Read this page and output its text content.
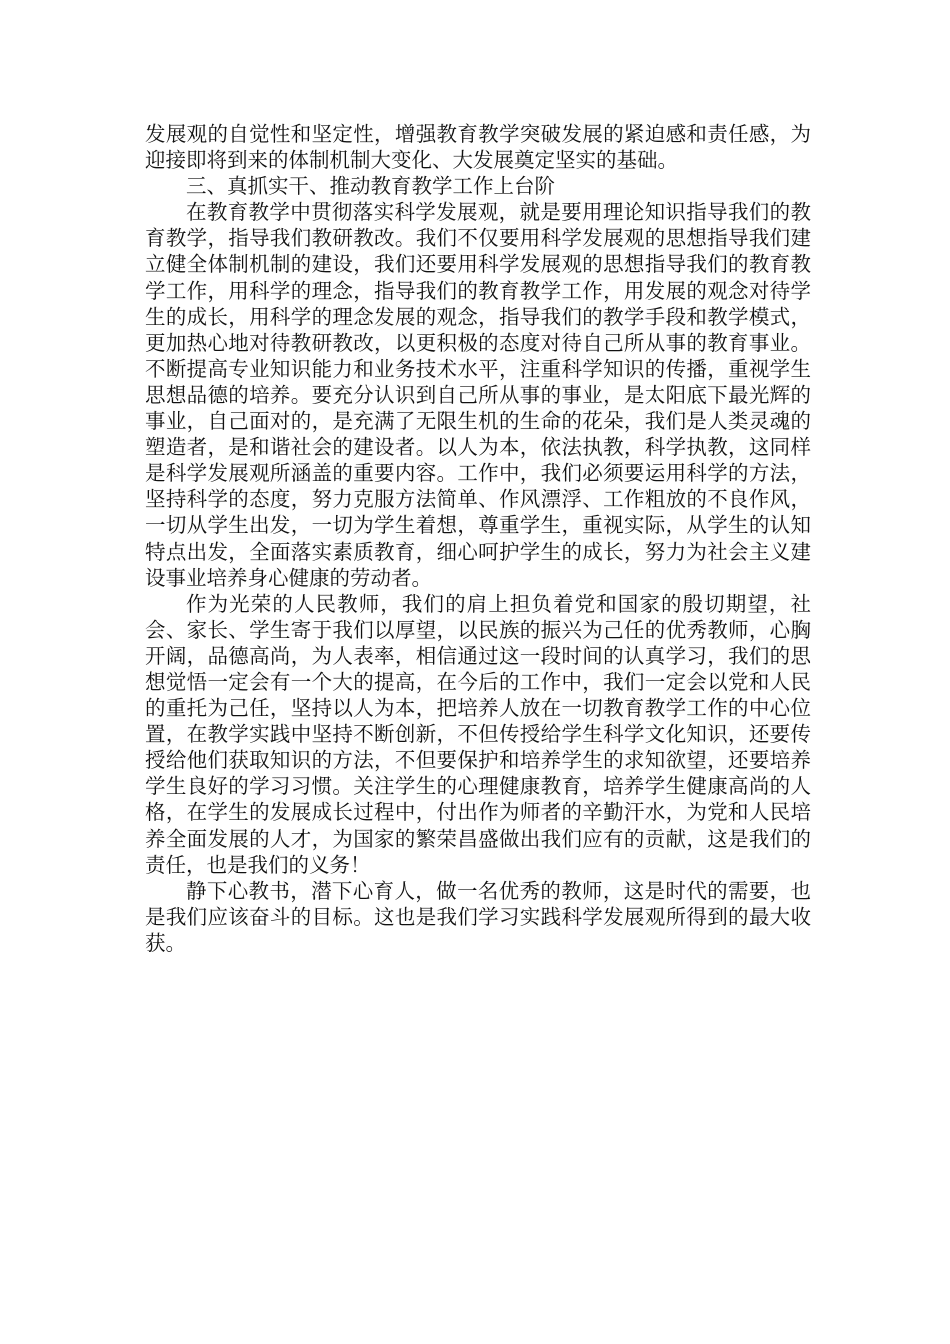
发展观的自觉性和坚定性，增强教育教学突破发展的紧迫感和责任感，为迎接即将到来的体制机制大变化、大发展奠定坚实的基础。

三、真抓实干、推动教育教学工作上台阶

在教育教学中贯彻落实科学发展观，就是要用理论知识指导我们的教育教学，指导我们教研教改。我们不仅要用科学发展观的思想指导我们建立健全体制机制的建设，我们还要用科学发展观的思想指导我们的教育教学工作，用科学的理念，指导我们的教育教学工作，用发展的观念对待学生的成长，用科学的理念发展的观念，指导我们的教学手段和教学模式，更加热心地对待教研教改，以更积极的态度对待自己所从事的教育事业。不断提高专业知识能力和业务技术水平，注重科学知识的传播，重视学生思想品德的培养。要充分认识到自己所从事的事业，是太阳底下最光辉的事业，自己面对的，是充满了无限生机的生命的花朵，我们是人类灵魂的塑造者，是和谐社会的建设者。以人为本，依法执教，科学执教，这同样是科学发展观所涵盖的重要内容。工作中，我们必须要运用科学的方法，坚持科学的态度，努力克服方法简单、作风漂浮、工作粗放的不良作风，一切从学生出发，一切为学生着想，尊重学生，重视实际，从学生的认知特点出发，全面落实素质教育，细心呵护学生的成长，努力为社会主义建设事业培养身心健康的劳动者。

作为光荣的人民教师，我们的肩上担负着党和国家的殷切期望，社会、家长、学生寄于我们以厚望，以民族的振兴为己任的优秀教师，心胸开阔，品德高尚，为人表率，相信通过这一段时间的认真学习，我们的思想觉悟一定会有一个大的提高，在今后的工作中，我们一定会以党和人民的重托为己任，坚持以人为本，把培养人放在一切教育教学工作的中心位置，在教学实践中坚持不断创新，不但传授给学生科学文化知识，还要传授给他们获取知识的方法，不但要保护和培养学生的求知欲望，还要培养学生良好的学习习惯。关注学生的心理健康教育，培养学生健康高尚的人格，在学生的发展成长过程中，付出作为师者的辛勤汗水，为党和人民培养全面发展的人才，为国家的繁荣昌盛做出我们应有的贡献，这是我们的责任，也是我们的义务！

静下心教书，潜下心育人，做一名优秀的教师，这是时代的需要，也是我们应该奋斗的目标。这也是我们学习实践科学发展观所得到的最大收获。
